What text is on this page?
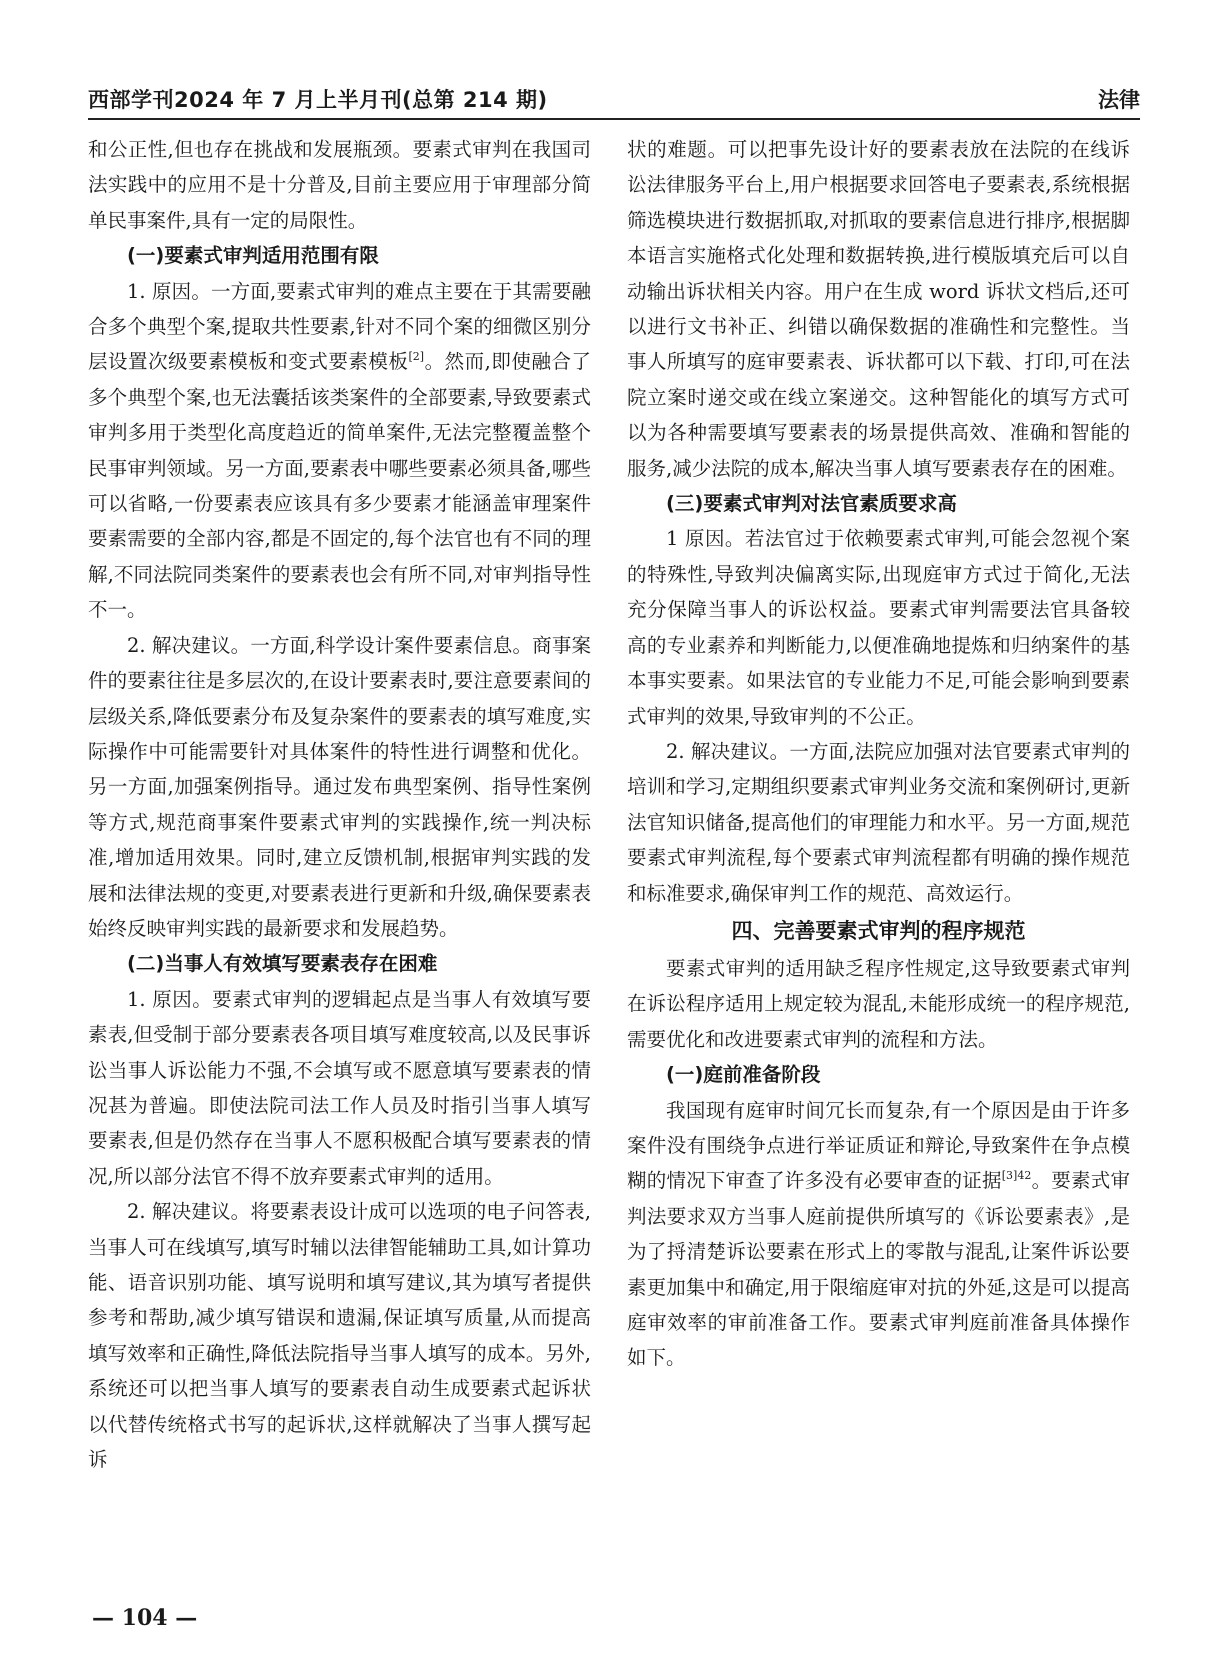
西部学刊2024 年 7 月上半月刊(总第 214 期)	法律

和公正性,但也存在挑战和发展瓶颈。要素式审判在我国司法实践中的应用不是十分普及,目前主要应用于审理部分简单民事案件,具有一定的局限性。

(一)要素式审判适用范围有限

1. 原因。一方面,要素式审判的难点主要在于其需要融合多个典型个案,提取共性要素,针对不同个案的细微区别分层设置次级要素模板和变式要素模板[2]。然而,即使融合了多个典型个案,也无法囊括该类案件的全部要素,导致要素式审判多用于类型化高度趋近的简单案件,无法完整覆盖整个民事审判领域。另一方面,要素表中哪些要素必须具备,哪些可以省略,一份要素表应该具有多少要素才能涵盖审理案件要素需要的全部内容,都是不固定的,每个法官也有不同的理解,不同法院同类案件的要素表也会有所不同,对审判指导性不一。

2. 解决建议。一方面,科学设计案件要素信息。商事案件的要素往往是多层次的,在设计要素表时,要注意要素间的层级关系,降低要素分布及复杂案件的要素表的填写难度,实际操作中可能需要针对具体案件的特性进行调整和优化。另一方面,加强案例指导。通过发布典型案例、指导性案例等方式,规范商事案件要素式审判的实践操作,统一判决标准,增加适用效果。同时,建立反馈机制,根据审判实践的发展和法律法规的变更,对要素表进行更新和升级,确保要素表始终反映审判实践的最新要求和发展趋势。

(二)当事人有效填写要素表存在困难

1. 原因。要素式审判的逻辑起点是当事人有效填写要素表,但受制于部分要素表各项目填写难度较高,以及民事诉讼当事人诉讼能力不强,不会填写或不愿意填写要素表的情况甚为普遍。即使法院司法工作人员及时指引当事人填写要素表,但是仍然存在当事人不愿积极配合填写要素表的情况,所以部分法官不得不放弃要素式审判的适用。

2. 解决建议。将要素表设计成可以选项的电子问答表,当事人可在线填写,填写时辅以法律智能辅助工具,如计算功能、语音识别功能、填写说明和填写建议,其为填写者提供参考和帮助,减少填写错误和遗漏,保证填写质量,从而提高填写效率和正确性,降低法院指导当事人填写的成本。另外,系统还可以把当事人填写的要素表自动生成要素式起诉状以代替传统格式书写的起诉状,这样就解决了当事人撰写起诉

状的难题。可以把事先设计好的要素表放在法院的在线诉讼法律服务平台上,用户根据要求回答电子要素表,系统根据筛选模块进行数据抓取,对抓取的要素信息进行排序,根据脚本语言实施格式化处理和数据转换,进行模版填充后可以自动输出诉状相关内容。用户在生成 word 诉状文档后,还可以进行文书补正、纠错以确保数据的准确性和完整性。当事人所填写的庭审要素表、诉状都可以下载、打印,可在法院立案时递交或在线立案递交。这种智能化的填写方式可以为各种需要填写要素表的场景提供高效、准确和智能的服务,减少法院的成本,解决当事人填写要素表存在的困难。

(三)要素式审判对法官素质要求高

1 原因。若法官过于依赖要素式审判,可能会忽视个案的特殊性,导致判决偏离实际,出现庭审方式过于简化,无法充分保障当事人的诉讼权益。要素式审判需要法官具备较高的专业素养和判断能力,以便准确地提炼和归纳案件的基本事实要素。如果法官的专业能力不足,可能会影响到要素式审判的效果,导致审判的不公正。

2. 解决建议。一方面,法院应加强对法官要素式审判的培训和学习,定期组织要素式审判业务交流和案例研讨,更新法官知识储备,提高他们的审理能力和水平。另一方面,规范要素式审判流程,每个要素式审判流程都有明确的操作规范和标准要求,确保审判工作的规范、高效运行。

四、完善要素式审判的程序规范

要素式审判的适用缺乏程序性规定,这导致要素式审判在诉讼程序适用上规定较为混乱,未能形成统一的程序规范,需要优化和改进要素式审判的流程和方法。

(一)庭前准备阶段

我国现有庭审时间冗长而复杂,有一个原因是由于许多案件没有围绕争点进行举证质证和辩论,导致案件在争点模糊的情况下审查了许多没有必要审查的证据$^{[3]42}$。要素式审判法要求双方当事人庭前提供所填写的《诉讼要素表》,是为了捋清楚诉讼要素在形式上的零散与混乱,让案件诉讼要素更加集中和确定,用于限缩庭审对抗的外延,这是可以提高庭审效率的审前准备工作。要素式审判庭前准备具体操作如下。

— 104 —
